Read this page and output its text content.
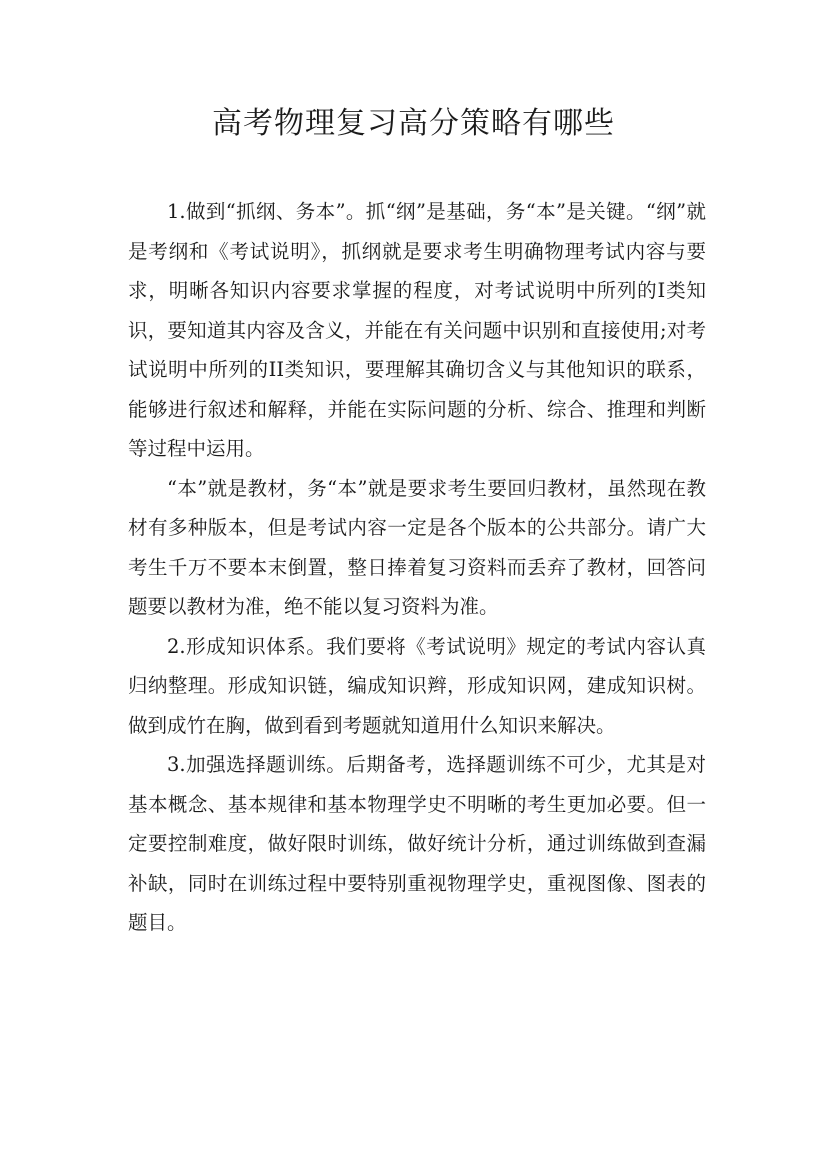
高考物理复习高分策略有哪些

1.做到“抓纲、务本”。抓“纲”是基础，务“本”是关键。“纲”就是考纲和《考试说明》，抓纲就是要求考生明确物理考试内容与要求，明晰各知识内容要求掌握的程度，对考试说明中所列的I类知识，要知道其内容及含义，并能在有关问题中识别和直接使用;对考试说明中所列的II类知识，要理解其确切含义与其他知识的联系，能够进行叙述和解释，并能在实际问题的分析、综合、推理和判断等过程中运用。

“本”就是教材，务“本”就是要求考生要回归教材，虽然现在教材有多种版本，但是考试内容一定是各个版本的公共部分。请广大考生千万不要本末倒置，整日捧着复习资料而丢弃了教材，回答问题要以教材为准，绝不能以复习资料为准。

2.形成知识体系。我们要将《考试说明》规定的考试内容认真归纳整理。形成知识链，编成知识辫，形成知识网，建成知识树。做到成竹在胸，做到看到考题就知道用什么知识来解决。

3.加强选择题训练。后期备考，选择题训练不可少，尤其是对基本概念、基本规律和基本物理学史不明晰的考生更加必要。但一定要控制难度，做好限时训练，做好统计分析，通过训练做到查漏补缺，同时在训练过程中要特别重视物理学史，重视图像、图表的题目。
